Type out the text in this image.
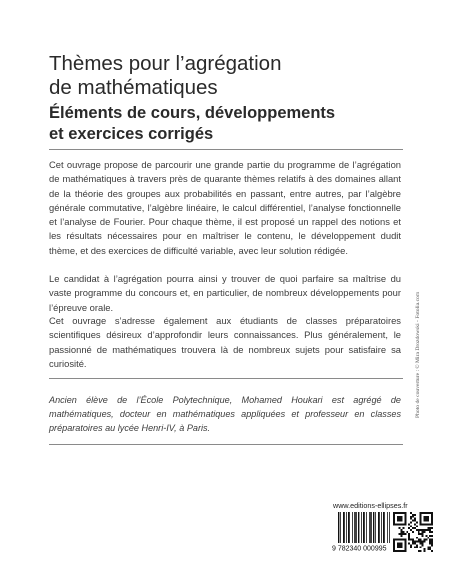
Thèmes pour l’agrégation
de mathématiques
Éléments de cours, développements
et exercices corrigés

Cet ouvrage propose de parcourir une grande partie du programme de l’agrégation de mathématiques à travers près de quarante thèmes relatifs à des domaines allant de la théorie des groupes aux probabilités en passant, entre autres, par l’algèbre générale commutative, l’algèbre linéaire, le calcul différentiel, l’analyse fonctionnelle et l’analyse de Fourier. Pour chaque thème, il est proposé un rappel des notions et les résultats nécessaires pour en maîtriser le contenu, le développement dudit thème, et des exercices de difficulté variable, avec leur solution rédigée.

Le candidat à l’agrégation pourra ainsi y trouver de quoi parfaire sa maîtrise du vaste programme du concours et, en particulier, de nombreux développements pour l’épreuve orale.

Cet ouvrage s’adresse également aux étudiants de classes préparatoires scientifiques désireux d’approfondir leurs connaissances. Plus généralement, le passionné de mathématiques trouvera là de nombreux sujets pour satisfaire sa curiosité.

Ancien élève de l’École Polytechnique, Mohamed Houkari est agrégé de mathématiques, docteur en mathématiques appliquées et professeur en classes préparatoires au lycée Henri-IV, à Paris.

Photo de couverture : © Mira Drozdowski - Fotolia.com
www.editions-ellipses.fr
9 782340 000995
